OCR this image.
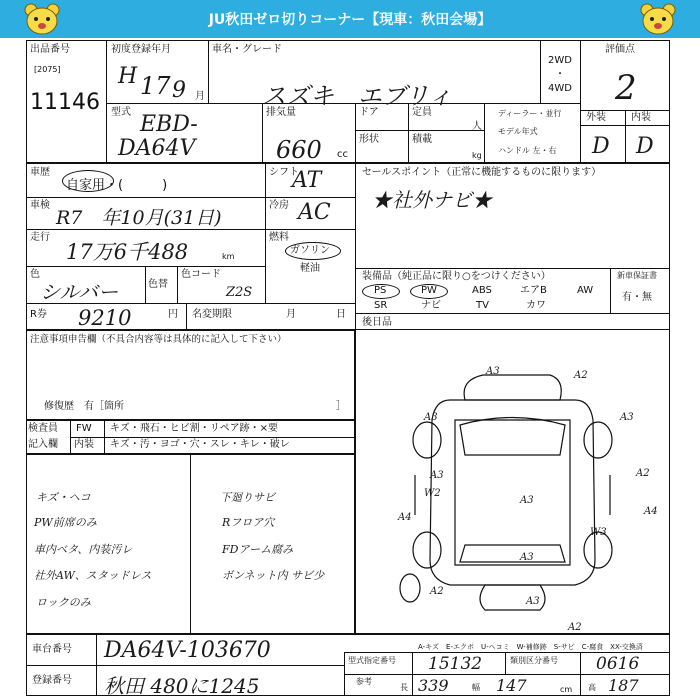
JU秋田ゼロ切りコーナー【現車：秋田会場】
出品番号
[2075]
11146
初度登録年月
H 17 9 月
車名・グレード
スズキ　エブリィ
2WD
・
4WD
評価点
2
型式 EBD-
DA64V
排気量
660 cc
ドア	定員
人
形状	積載
kg
ディーラー・並行
モデル年式
ハンドル 左・右
外装	内装
D D
車歴
自家用・(　　　)
シフト
AT	セールスポイント（正常に機能するものに限ります）
★社外ナビ★
車検
R7　年10月(31日)
冷房 AC
走行
17万6千488	km
燃料
ガソリン
軽油
色
シルバー	色替
色コード
Z2S
装備品（純正品に限り○をつけください）	新車保証書
有・無
PS	PW	ABS	エアB	AW
SR	ナビ	TV	カワ
R券 9210	円 名変期限	月	日
後日品
注意事項申告欄（不具合内容等は具体的に記入して下さい）
修復歴　有［箇所	］
検査員
記入欄
FW
内装
キズ・飛石・ヒビ割・リペア跡・×要
キズ・汚・ヨゴ・穴・スレ・キレ・破レ
キズ・ヘコ
PW前席のみ
車内ベタ、内装汚レ
社外AW、スタッドレス
ロックのみ
下廻りサビ
Rフロア穴
FDアーム腐み
ボンネット内 サビ少
A3	A2
A3	A3
A3	A2
W2
A3
A4
A4
W3
A3
A2
A2
A3
A-キズ　E-エクボ　U-ヘコミ　W-補修跡　S-サビ　C-腐食　XX-交換済
車台番号 DA64V-103670
登録番号 秋田 480に1245
型式指定番号 15132	類別区分番号 0616
参考
長 339	幅 147	cm 高 187
